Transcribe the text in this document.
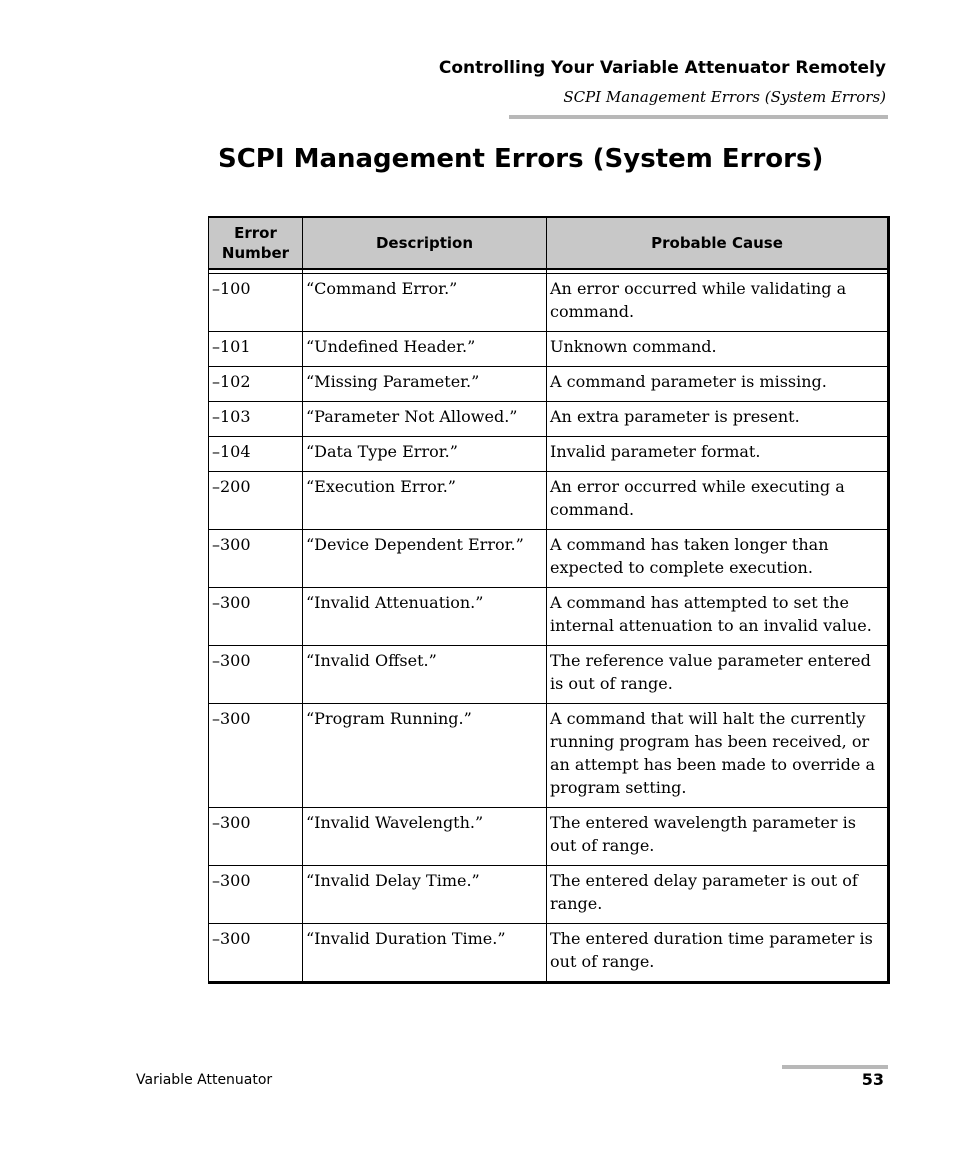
Controlling Your Variable Attenuator Remotely
SCPI Management Errors (System Errors)
SCPI Management Errors (System Errors)
Error Number	Description	Probable Cause

–100	“Command Error.”	An error occurred while validating a command.
–101	“Undefined Header.”	Unknown command.
–102	“Missing Parameter.”	A command parameter is missing.
–103	“Parameter Not Allowed.”	An extra parameter is present.
–104	“Data Type Error.”	Invalid parameter format.
–200	“Execution Error.”	An error occurred while executing a command.
–300	“Device Dependent Error.”	A command has taken longer than expected to complete execution.
–300	“Invalid Attenuation.”	A command has attempted to set the internal attenuation to an invalid value.
–300	“Invalid Offset.”	The reference value parameter entered is out of range.
–300	“Program Running.”	A command that will halt the currently running program has been received, or an attempt has been made to override a program setting.
–300	“Invalid Wavelength.”	The entered wavelength parameter is out of range.
–300	“Invalid Delay Time.”	The entered delay parameter is out of range.
–300	“Invalid Duration Time.”	The entered duration time parameter is out of range.
Variable Attenuator	53
